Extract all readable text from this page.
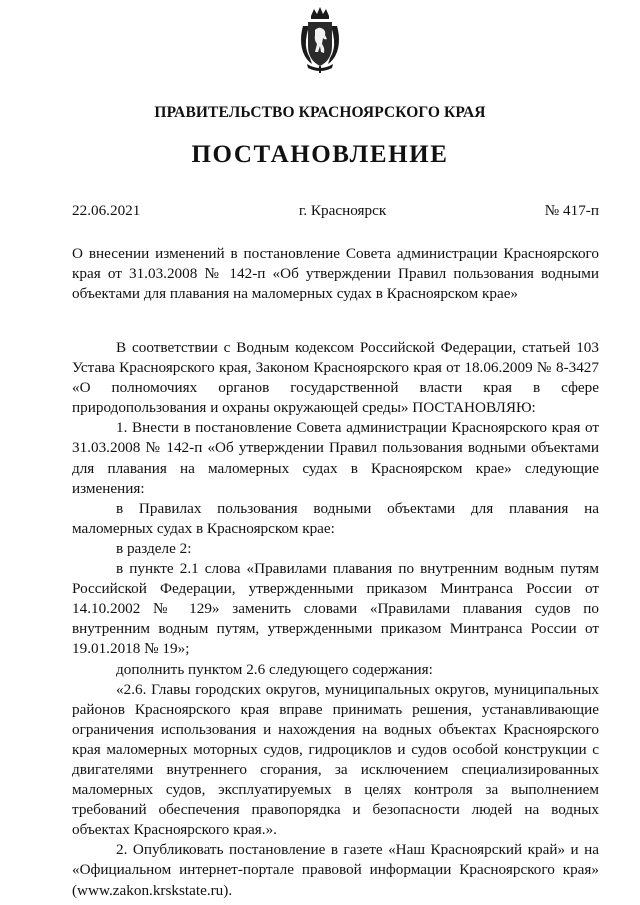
ПРАВИТЕЛЬСТВО КРАСНОЯРСКОГО КРАЯ
ПОСТАНОВЛЕНИЕ
22.06.2021	г. Красноярск	№ 417-п
О внесении изменений в постановление Совета администрации Красноярского края от 31.03.2008 № 142-п «Об утверждении Правил пользования водными объектами для плавания на маломерных судах в Красноярском крае»

В соответствии с Водным кодексом Российской Федерации, статьей 103 Устава Красноярского края, Законом Красноярского края от 18.06.2009 № 8-3427 «О полномочиях органов государственной власти края в сфере природопользования и охраны окружающей среды» ПОСТАНОВЛЯЮ:

1. Внести в постановление Совета администрации Красноярского края от 31.03.2008 № 142-п «Об утверждении Правил пользования водными объектами для плавания на маломерных судах в Красноярском крае» следующие изменения:

в Правилах пользования водными объектами для плавания на маломерных судах в Красноярском крае:

в разделе 2:

в пункте 2.1 слова «Правилами плавания по внутренним водным путям Российской Федерации, утвержденными приказом Минтранса России от 14.10.2002 № 129» заменить словами «Правилами плавания судов по внутренним водным путям, утвержденными приказом Минтранса России от 19.01.2018 № 19»;

дополнить пунктом 2.6 следующего содержания:

«2.6. Главы городских округов, муниципальных округов, муниципальных районов Красноярского края вправе принимать решения, устанавливающие ограничения использования и нахождения на водных объектах Красноярского края маломерных моторных судов, гидроциклов и судов особой конструкции с двигателями внутреннего сгорания, за исключением специализированных маломерных судов, эксплуатируемых в целях контроля за выполнением требований обеспечения правопорядка и безопасности людей на водных объектах Красноярского края.».

2. Опубликовать постановление в газете «Наш Красноярский край» и на «Официальном интернет-портале правовой информации Красноярского края» (www.zakon.krskstate.ru).
